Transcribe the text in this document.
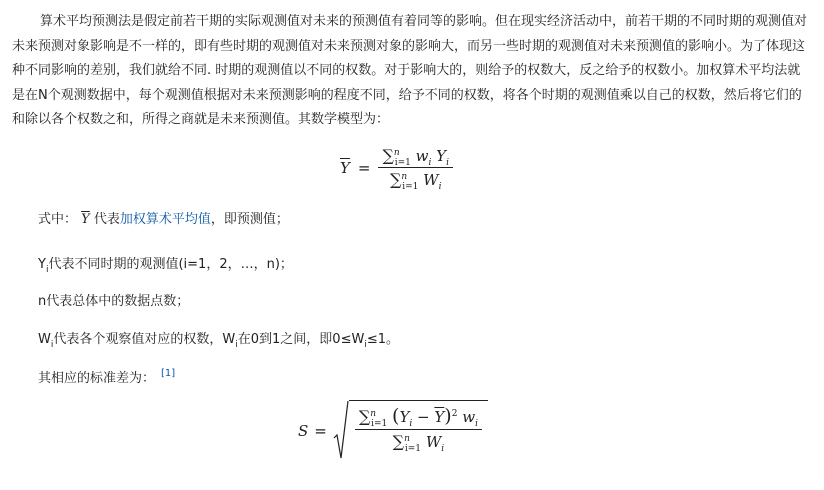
算术平均预测法是假定前若干期的实际观测值对未来的预测值有着同等的影响。但在现实经济活动中，前若干期的不同时期的观测值对未来预测对象影响是不一样的，即有些时期的观测值对未来预测对象的影响大，而另一些时期的观测值对未来预测值的影响小。为了体现这种不同影响的差别，我们就给不同. 时期的观测值以不同的权数。对于影响大的，则给予的权数大，反之给予的权数小。加权算术平均法就是在N个观测数据中，每个观测值根据对未来预测影响的程度不同，给予不同的权数，将各个时期的观测值乘以自己的权数，然后将它们的和除以各个权数之和，所得之商就是未来预测值。其数学模型为：

$\overline{Y} = \frac{\sum^n_{i=1} w_i Y_i}{\sum^n_{i=1} W_i}$
式中： $\overline{Y}$ 代表加权算术平均值，即预测值；
$Y_i$代表不同时期的观测值(i=1，2，…，n)；
n代表总体中的数据点数；
$W_i$代表各个观察值对应的权数，$W_i$在0到1之间，即$0\le W_i\le 1$。
其相应的标准差为： [1]
S =
∑$^n_{i=1}$ $(Y_i - \overline{Y})^2$ $w_i$
∑$^n_{i=1}$ $W_i$
